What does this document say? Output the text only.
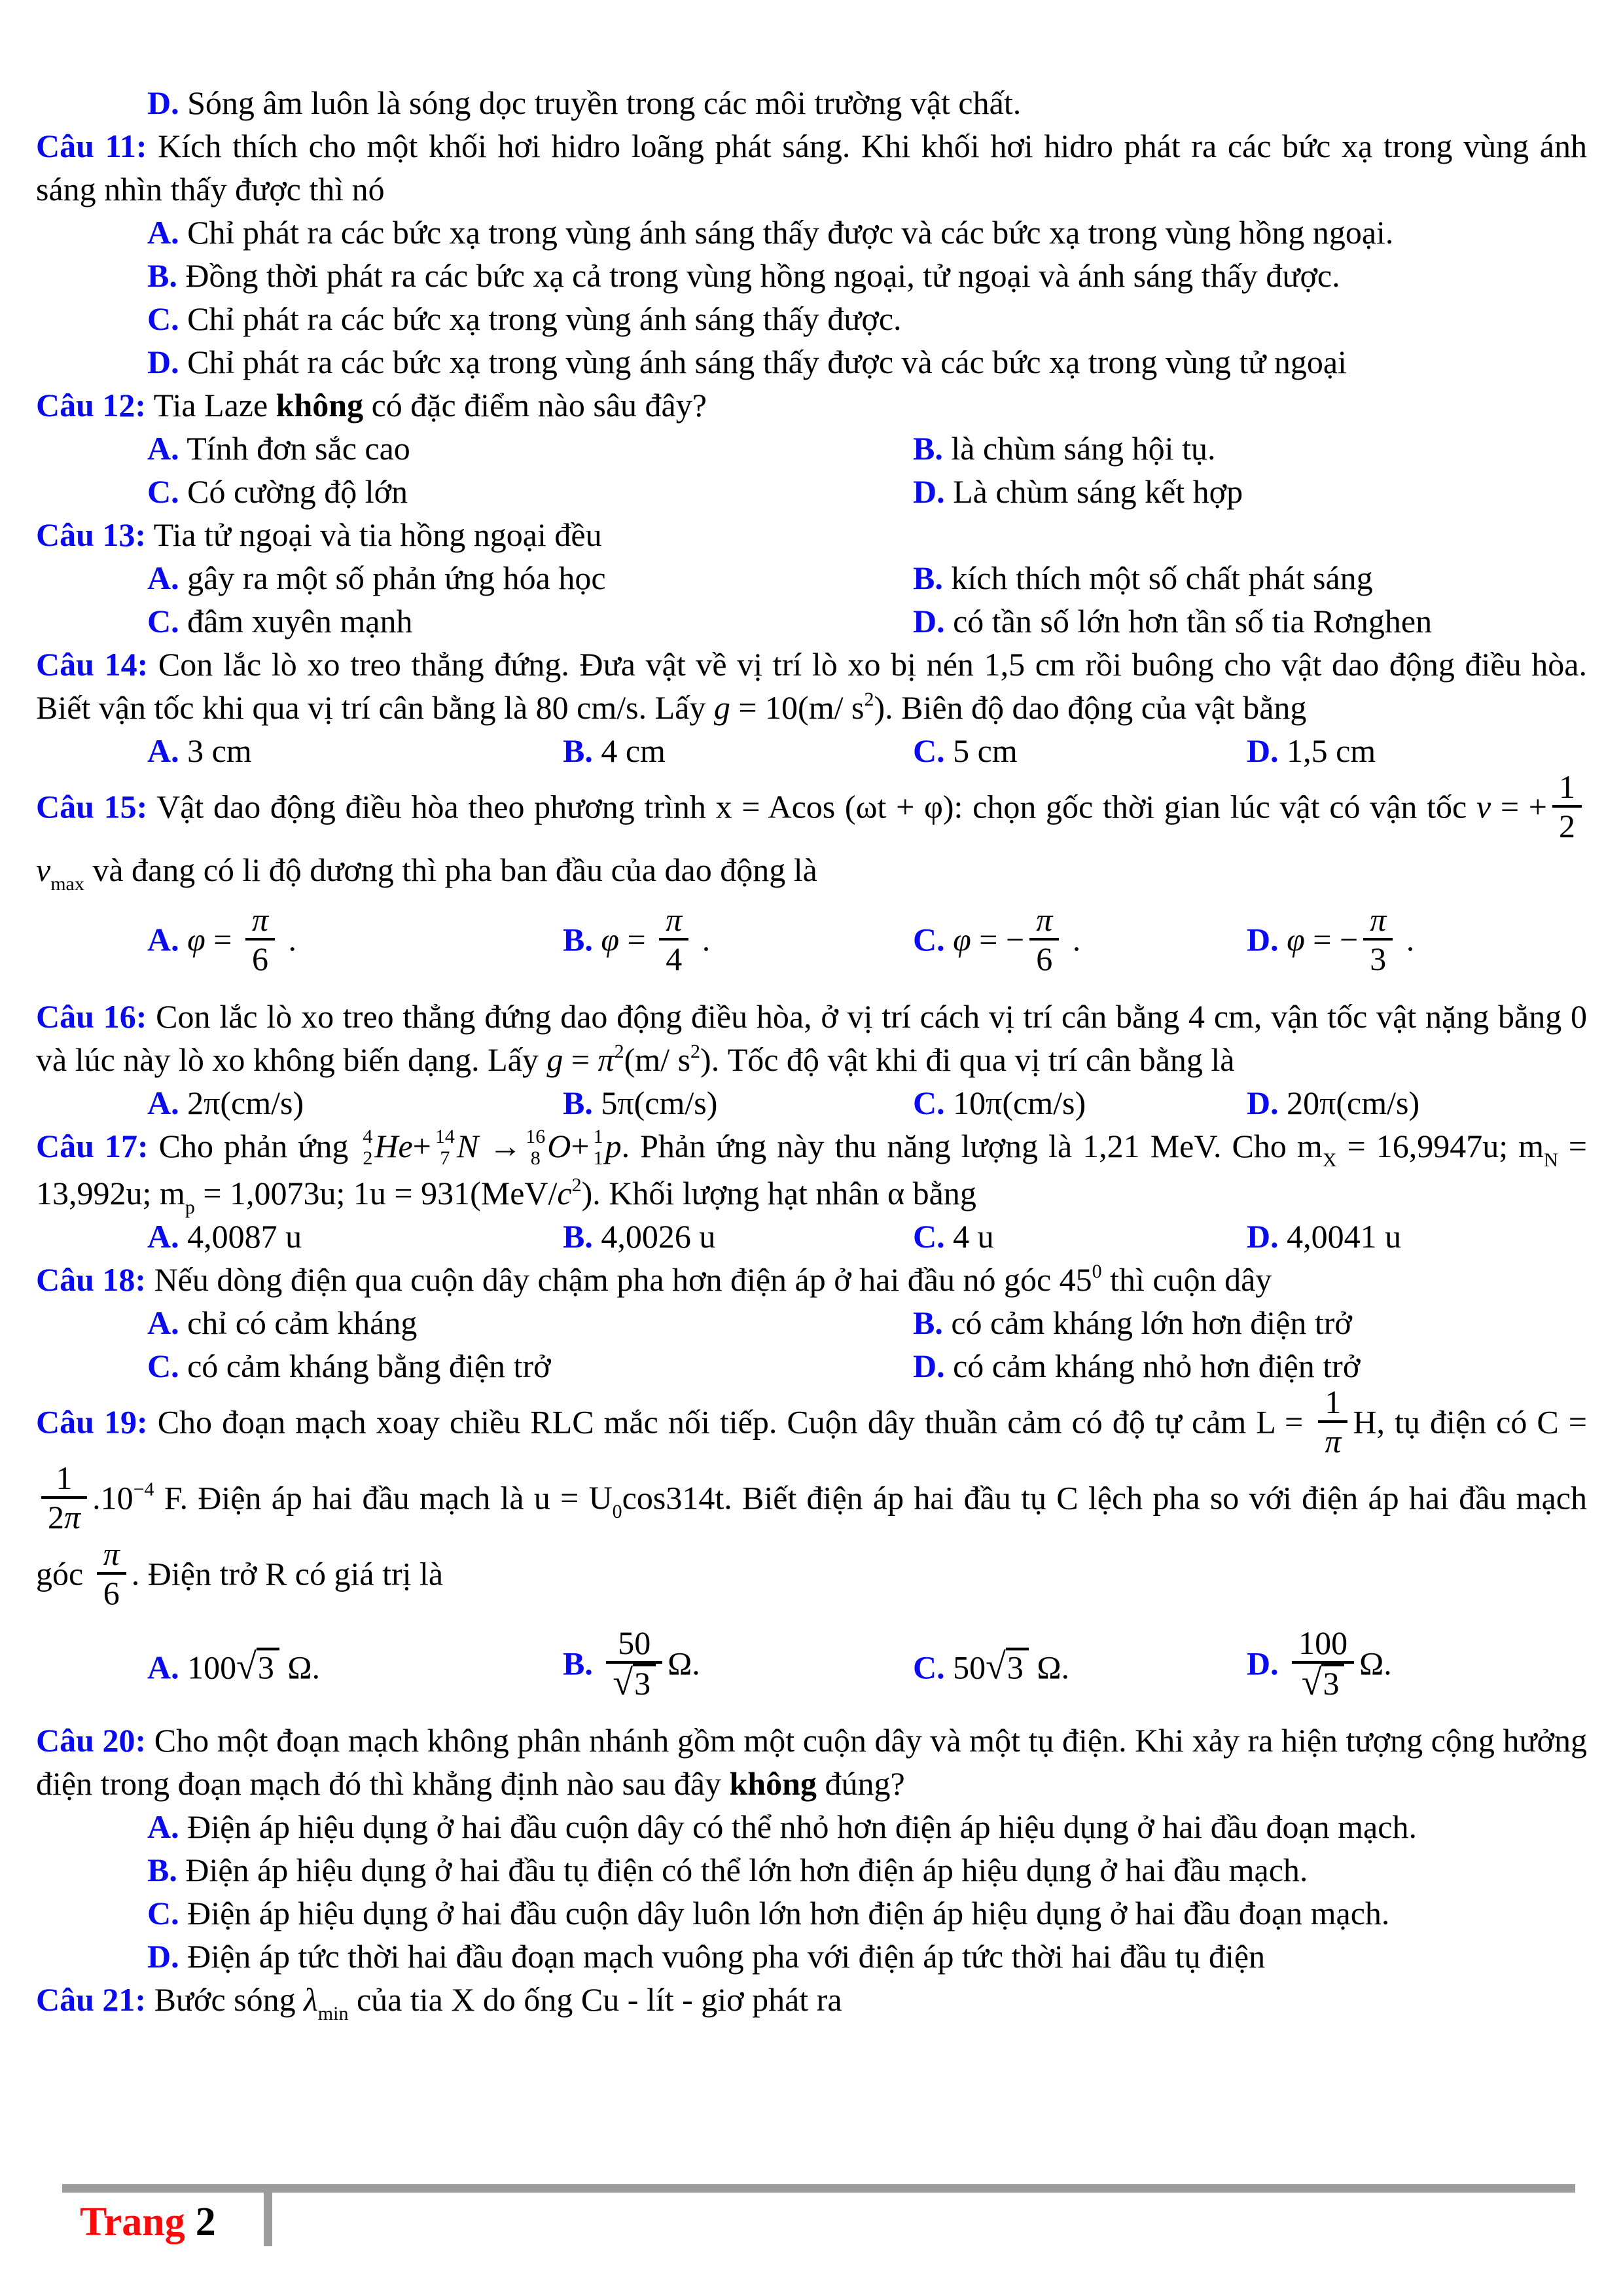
D. Sóng âm luôn là sóng dọc truyền trong các môi trường vật chất.
Câu 11: Kích thích cho một khối hơi hidro loãng phát sáng. Khi khối hơi hidro phát ra các bức xạ trong vùng ánh sáng nhìn thấy được thì nó
A. Chỉ phát ra các bức xạ trong vùng ánh sáng thấy được và các bức xạ trong vùng hồng ngoại.
B. Đồng thời phát ra các bức xạ cả trong vùng hồng ngoại, tử ngoại và ánh sáng thấy được.
C. Chỉ phát ra các bức xạ trong vùng ánh sáng thấy được.
D. Chỉ phát ra các bức xạ trong vùng ánh sáng thấy được và các bức xạ trong vùng tử ngoại
Câu 12: Tia Laze không có đặc điểm nào sâu đây?
A. Tính đơn sắc cao	B. là chùm sáng hội tụ.
C. Có cường độ lớn	D. Là chùm sáng kết hợp
Câu 13: Tia tử ngoại và tia hồng ngoại đều
A. gây ra một số phản ứng hóa học	B. kích thích một số chất phát sáng
C. đâm xuyên mạnh	D. có tần số lớn hơn tần số tia Rơnghen
Câu 14: Con lắc lò xo treo thẳng đứng. Đưa vật về vị trí lò xo bị nén 1,5 cm rồi buông cho vật dao động điều hòa. Biết vận tốc khi qua vị trí cân bằng là 80 cm/s. Lấy g = 10(m/ $s^2$). Biên độ dao động của vật bằng
A. 3 cm	B. 4 cm	C. 5 cm	D. 1,5 cm
Câu 15: Vật dao động điều hòa theo phương trình x = Acos (ωt + φ): chọn gốc thời gian lúc vật có vận tốc v = + $\frac{1}{2}$
$v_{max}$ và đang có li độ dương thì pha ban đầu của dao động là
A. $\varphi = \frac{\pi}{6}$ .	B. $\varphi = \frac{\pi}{4}$ .	C. φ = − $\frac{\pi}{6}$ .	D. φ = − $\frac{\pi}{3}$ .
Câu 16: Con lắc lò xo treo thẳng đứng dao động điều hòa, ở vị trí cách vị trí cân bằng 4 cm, vận tốc vật nặng bằng 0 và lúc này lò xo không biến dạng. Lấy $g = \pi^2(m/$ $s^2$). Tốc độ vật khi đi qua vị trí cân bằng là
A. 2π(cm/s)	B. 5π(cm/s)	C. 10π(cm/s)	D. 20π(cm/s)
Câu 17: Cho phản ứng 4
2 He+ 14
7 N → 16
8 O+ 1
1 p. Phản ứng này thu năng lượng là 1,21 MeV. Cho $m_X = 16,9947u$; $m_N = 13,992u$; $m_p = 1,0073u$; $1u = 931(MeV/c^2)$. Khối lượng hạt nhân α bằng
A. 4,0087 u	B. 4,0026 u	C. 4 u	D. 4,0041 u
Câu 18: Nếu dòng điện qua cuộn dây chậm pha hơn điện áp ở hai đầu nó góc $45^0$ thì cuộn dây
A. chỉ có cảm kháng	B. có cảm kháng lớn hơn điện trở
C. có cảm kháng bằng điện trở	D. có cảm kháng nhỏ hơn điện trở
Câu 19: Cho đoạn mạch xoay chiều RLC mắc nối tiếp. Cuộn dây thuần cảm có độ tự cảm $L = \frac{1}{\pi} H$, tụ điện có C =
$\frac{1}{2\pi} .10^{-4}$ F. Điện áp hai đầu mạch là $u = U_0\cos 314t$. Biết điện áp hai đầu tụ C lệch pha so với điện áp hai đầu mạch góc $\frac{\pi}{6}$ . Điện trở R có giá trị là
A. 100√3 Ω.	B. $\frac{50}{√3} \Omega$.	C. 50√3 Ω.	D. $\frac{100}{√3} \Omega$.
Câu 20: Cho một đoạn mạch không phân nhánh gồm một cuộn dây và một tụ điện. Khi xảy ra hiện tượng cộng hưởng điện trong đoạn mạch đó thì khẳng định nào sau đây không đúng?
A. Điện áp hiệu dụng ở hai đầu cuộn dây có thể nhỏ hơn điện áp hiệu dụng ở hai đầu đoạn mạch.
B. Điện áp hiệu dụng ở hai đầu tụ điện có thể lớn hơn điện áp hiệu dụng ở hai đầu mạch.
C. Điện áp hiệu dụng ở hai đầu cuộn dây luôn lớn hơn điện áp hiệu dụng ở hai đầu đoạn mạch.
D. Điện áp tức thời hai đầu đoạn mạch vuông pha với điện áp tức thời hai đầu tụ điện
Câu 21: Bước sóng $\lambda_{min}$ của tia X do ống Cu - lít - giơ phát ra
Trang 2
